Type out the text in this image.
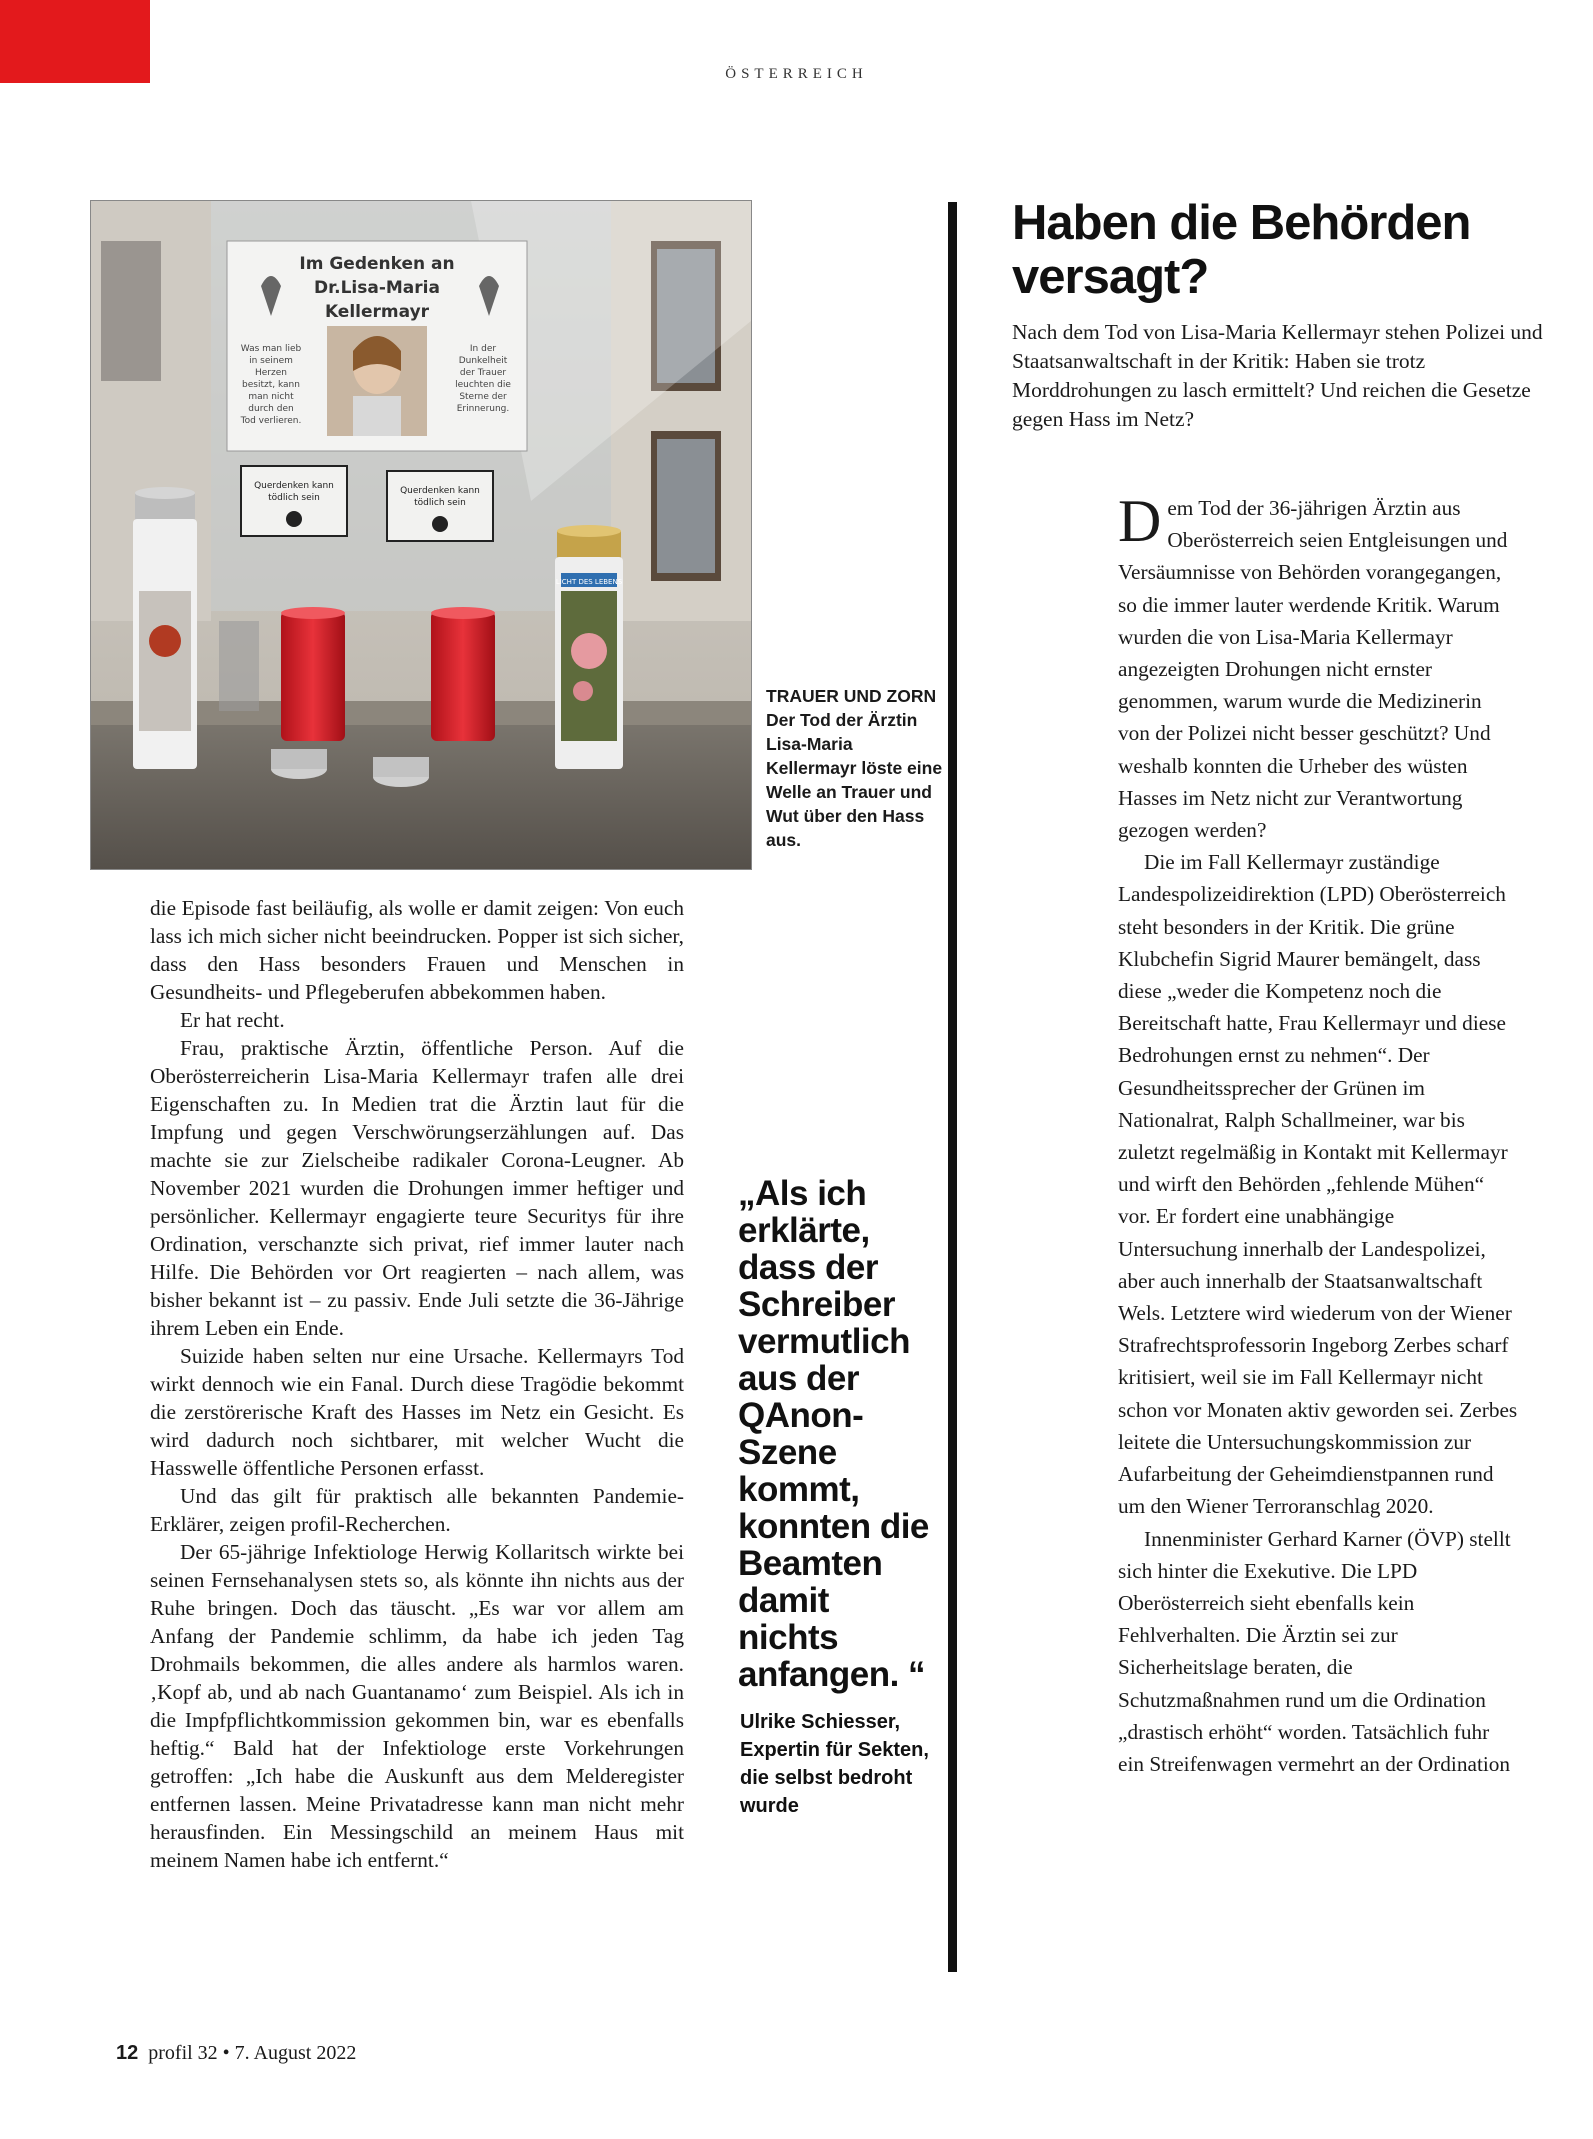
ÖSTERREICH
Im Gedenken an
Dr.Lisa-Maria
Kellermayr
Was man lieb
in seinem
Herzen
besitzt, kann
man nicht
durch den
Tod verlieren.
In der
Dunkelheit
der Trauer
leuchten die
Sterne der
Erinnerung.
Querdenken kann
tödlich sein
Querdenken kann
tödlich sein
LICHT DES LEBENS
TRAUER UND ZORN
Der Tod der Ärztin Lisa-Maria Kellermayr löste eine Welle an Trauer und Wut über den Hass aus.
Haben die Behörden versagt?

Nach dem Tod von Lisa-Maria Kellermayr stehen Polizei und Staatsanwaltschaft in der Kritik: Haben sie trotz Morddrohungen zu lasch ermittelt? Und reichen die Gesetze gegen Hass im Netz?

Dem Tod der 36-jährigen Ärztin aus Oberösterreich seien Entgleisungen und Versäumnisse von Behörden vorangegangen, so die immer lauter werdende Kritik. Warum wurden die von Lisa-Maria Kellermayr angezeigten Drohungen nicht ernster genommen, warum wurde die Medizinerin von der Polizei nicht besser geschützt? Und weshalb konnten die Urheber des wüsten Hasses im Netz nicht zur Verantwortung gezogen werden?

Die im Fall Kellermayr zuständige Landespolizeidirektion (LPD) Oberösterreich steht besonders in der Kritik. Die grüne Klubchefin Sigrid Maurer bemängelt, dass diese „weder die Kompetenz noch die Bereitschaft hatte, Frau Kellermayr und diese Bedrohungen ernst zu nehmen“. Der Gesundheitssprecher der Grünen im Nationalrat, Ralph Schallmeiner, war bis zuletzt regelmäßig in Kontakt mit Kellermayr und wirft den Behörden „fehlende Mühen“ vor. Er fordert eine unabhängige Untersuchung innerhalb der Landespolizei, aber auch innerhalb der Staatsanwaltschaft Wels. Letztere wird wiederum von der Wiener Strafrechtsprofessorin Ingeborg Zerbes scharf kritisiert, weil sie im Fall Kellermayr nicht schon vor Monaten aktiv geworden sei. Zerbes leitete die Untersuchungskommission zur Aufarbeitung der Geheimdienstpannen rund um den Wiener Terroranschlag 2020.

Innenminister Gerhard Karner (ÖVP) stellt sich hinter die Exekutive. Die LPD Oberösterreich sieht ebenfalls kein Fehlverhalten. Die Ärztin sei zur Sicherheitslage beraten, die Schutzmaßnahmen rund um die Ordination „drastisch erhöht“ worden. Tatsächlich fuhr ein Streifenwagen vermehrt an der Ordination

die Episode fast beiläufig, als wolle er damit zeigen: Von euch lass ich mich sicher nicht beeindrucken. Popper ist sich sicher, dass den Hass besonders Frauen und Menschen in Gesundheits- und Pflegeberufen abbekommen haben.

Er hat recht.

Frau, praktische Ärztin, öffentliche Person. Auf die Oberösterreicherin Lisa-Maria Kellermayr trafen alle drei Eigenschaften zu. In Medien trat die Ärztin laut für die Impfung und gegen Verschwörungserzählungen auf. Das machte sie zur Zielscheibe radikaler Corona-Leugner. Ab November 2021 wurden die Drohungen immer heftiger und persönlicher. Kellermayr engagierte teure Securitys für ihre Ordination, verschanzte sich privat, rief immer lauter nach Hilfe. Die Behörden vor Ort reagierten – nach allem, was bisher bekannt ist – zu passiv. Ende Juli setzte die 36-Jährige ihrem Leben ein Ende.

Suizide haben selten nur eine Ursache. Kellermayrs Tod wirkt dennoch wie ein Fanal. Durch diese Tragödie bekommt die zerstörerische Kraft des Hasses im Netz ein Gesicht. Es wird dadurch noch sichtbarer, mit welcher Wucht die Hasswelle öffentliche Personen erfasst.

Und das gilt für praktisch alle bekannten Pandemie-Erklärer, zeigen profil-Recherchen.

Der 65-jährige Infektiologe Herwig Kollaritsch wirkte bei seinen Fernsehanalysen stets so, als könnte ihn nichts aus der Ruhe bringen. Doch das täuscht. „Es war vor allem am Anfang der Pandemie schlimm, da habe ich jeden Tag Drohmails bekommen, die alles andere als harmlos waren. ‚Kopf ab, und ab nach Guantanamo‘ zum Beispiel. Als ich in die Impfpflichtkommission gekommen bin, war es ebenfalls heftig.“ Bald hat der Infektiologe erste Vorkehrungen getroffen: „Ich habe die Auskunft aus dem Melderegister entfernen lassen. Meine Privatadresse kann man nicht mehr herausfinden. Ein Messingschild an meinem Haus mit meinem Namen habe ich entfernt.“

„Als ich erklärte, dass der Schreiber vermutlich aus der QAnon-Szene kommt, konnten die Beamten damit nichts anfangen. “

Ulrike Schiesser, Expertin für Sekten, die selbst bedroht wurde
12 profil 32 • 7. August 2022
